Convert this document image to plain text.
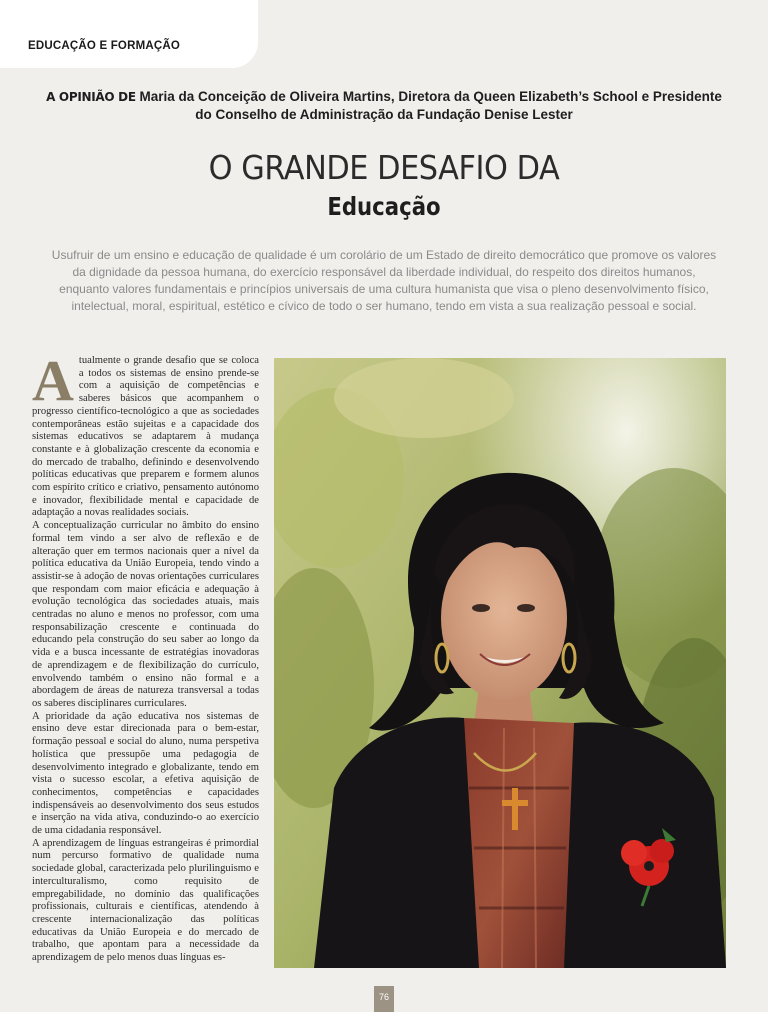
EDUCAÇÃO E FORMAÇÃO
A OPINIÃO DE Maria da Conceição de Oliveira Martins, Diretora da Queen Elizabeth’s School e Presidente do Conselho de Administração da Fundação Denise Lester
O GRANDE DESAFIO DA
Educação
Usufruir de um ensino e educação de qualidade é um corolário de um Estado de direito democrático que promove os valores da dignidade da pessoa humana, do exercício responsável da liberdade individual, do respeito dos direitos humanos, enquanto valores fundamentais e princípios universais de uma cultura humanista que visa o pleno desenvolvimento físico, intelectual, moral, espiritual, estético e cívico de todo o ser humano, tendo em vista a sua realização pessoal e social.
A tualmente o grande desafio que se coloca a todos os sistemas de ensino prende-se com a aquisição de competências e saberes básicos que acompanhem o progresso científico-tecnológico a que as sociedades contemporâneas estão sujeitas e a capacidade dos sistemas educativos se adaptarem à mudança constante e à globalização crescente da economia e do mercado de trabalho, definindo e desenvolvendo políticas educativas que preparem e formem alunos com espírito crítico e criativo, pensamento autónomo e inovador, flexibilidade mental e capacidade de adaptação a novas realidades sociais.

A conceptualização curricular no âmbito do ensino formal tem vindo a ser alvo de reflexão e de alteração quer em termos nacionais quer a nível da política educativa da União Europeia, tendo vindo a assistir-se à adoção de novas orientações curriculares que respondam com maior eficácia e adequação à evolução tecnológica das sociedades atuais, mais centradas no aluno e menos no professor, com uma responsabilização crescente e continuada do educando pela construção do seu saber ao longo da vida e a busca incessante de estratégias inovadoras de aprendizagem e de flexibilização do currículo, envolvendo também o ensino não formal e a abordagem de áreas de natureza transversal a todas os saberes disciplinares curriculares.

A prioridade da ação educativa nos sistemas de ensino deve estar direcionada para o bem-estar, formação pessoal e social do aluno, numa perspetiva holística que pressupõe uma pedagogia de desenvolvimento integrado e globalizante, tendo em vista o sucesso escolar, a efetiva aquisição de conhecimentos, competências e capacidades indispensáveis ao desenvolvimento dos seus estudos e inserção na vida ativa, conduzindo-o ao exercício de uma cidadania responsável.

A aprendizagem de línguas estrangeiras é primordial num percurso formativo de qualidade numa sociedade global, caracterizada pelo plurilinguismo e interculturalismo, como requisito de empregabilidade, no domínio das qualificações profissionais, culturais e científicas, atendendo à crescente internacionalização das políticas educativas da União Europeia e do mercado de trabalho, que apontam para a necessidade da aprendizagem de pelo menos duas línguas es-

76
